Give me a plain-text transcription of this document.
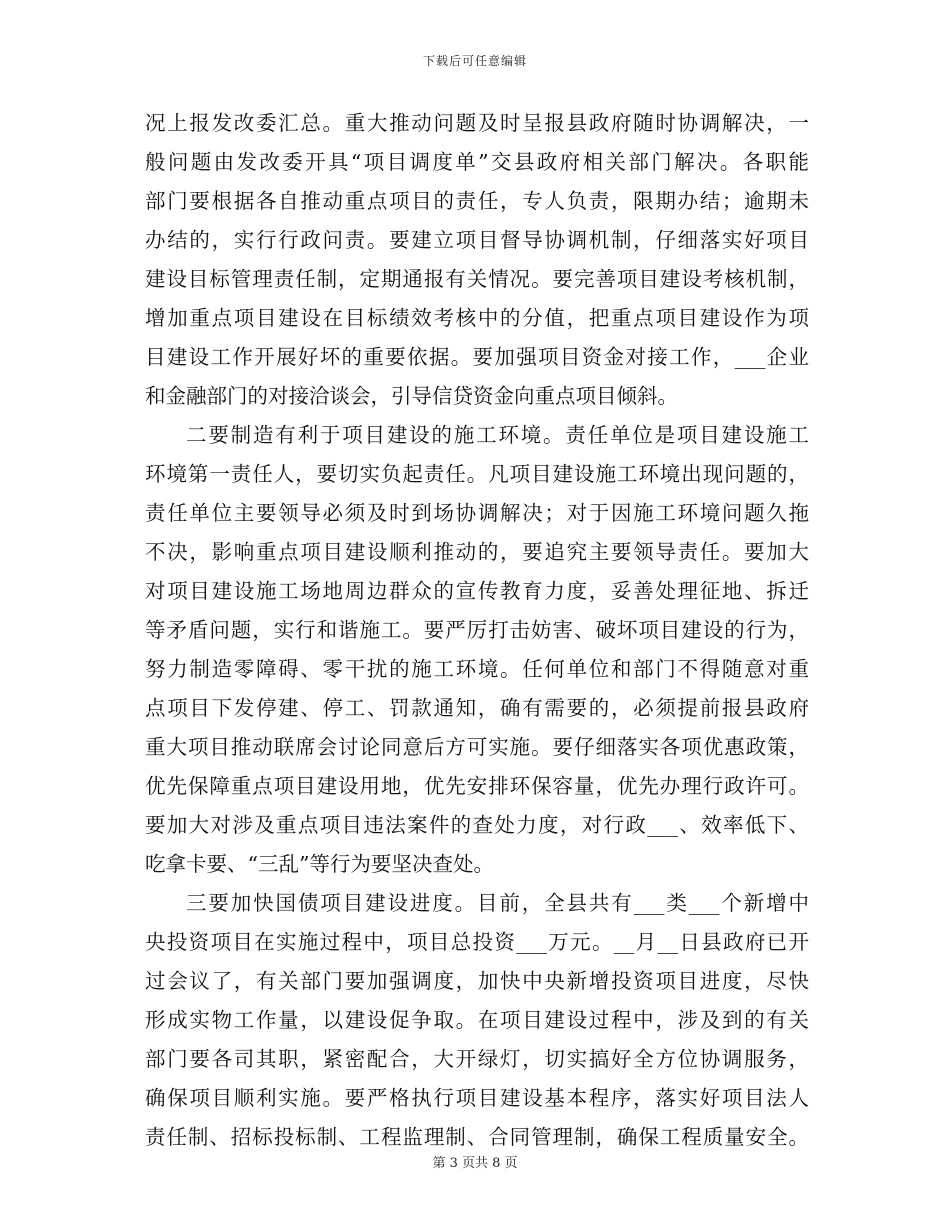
下载后可任意编辑
况上报发改委汇总。重大推动问题及时呈报县政府随时协调解决，一
般问题由发改委开具“项目调度单”交县政府相关部门解决。各职能
部门要根据各自推动重点项目的责任，专人负责，限期办结；逾期未
办结的，实行行政问责。要建立项目督导协调机制，仔细落实好项目
建设目标管理责任制，定期通报有关情况。要完善项目建设考核机制，
增加重点项目建设在目标绩效考核中的分值，把重点项目建设作为项
目建设工作开展好坏的重要依据。要加强项目资金对接工作，___企业
和金融部门的对接洽谈会，引导信贷资金向重点项目倾斜。
二要制造有利于项目建设的施工环境。责任单位是项目建设施工
环境第一责任人，要切实负起责任。凡项目建设施工环境出现问题的，
责任单位主要领导必须及时到场协调解决；对于因施工环境问题久拖
不决，影响重点项目建设顺利推动的，要追究主要领导责任。要加大
对项目建设施工场地周边群众的宣传教育力度，妥善处理征地、拆迁
等矛盾问题，实行和谐施工。要严厉打击妨害、破坏项目建设的行为，
努力制造零障碍、零干扰的施工环境。任何单位和部门不得随意对重
点项目下发停建、停工、罚款通知，确有需要的，必须提前报县政府
重大项目推动联席会讨论同意后方可实施。要仔细落实各项优惠政策，
优先保障重点项目建设用地，优先安排环保容量，优先办理行政许可。
要加大对涉及重点项目违法案件的查处力度，对行政___、效率低下、
吃拿卡要、“三乱”等行为要坚决查处。
三要加快国债项目建设进度。目前，全县共有___类___个新增中
央投资项目在实施过程中，项目总投资___万元。__月__日县政府已开
过会议了，有关部门要加强调度，加快中央新增投资项目进度，尽快
形成实物工作量，以建设促争取。在项目建设过程中，涉及到的有关
部门要各司其职，紧密配合，大开绿灯，切实搞好全方位协调服务，
确保项目顺利实施。要严格执行项目建设基本程序，落实好项目法人
责任制、招标投标制、工程监理制、合同管理制，确保工程质量安全。
第 3 页共 8 页
